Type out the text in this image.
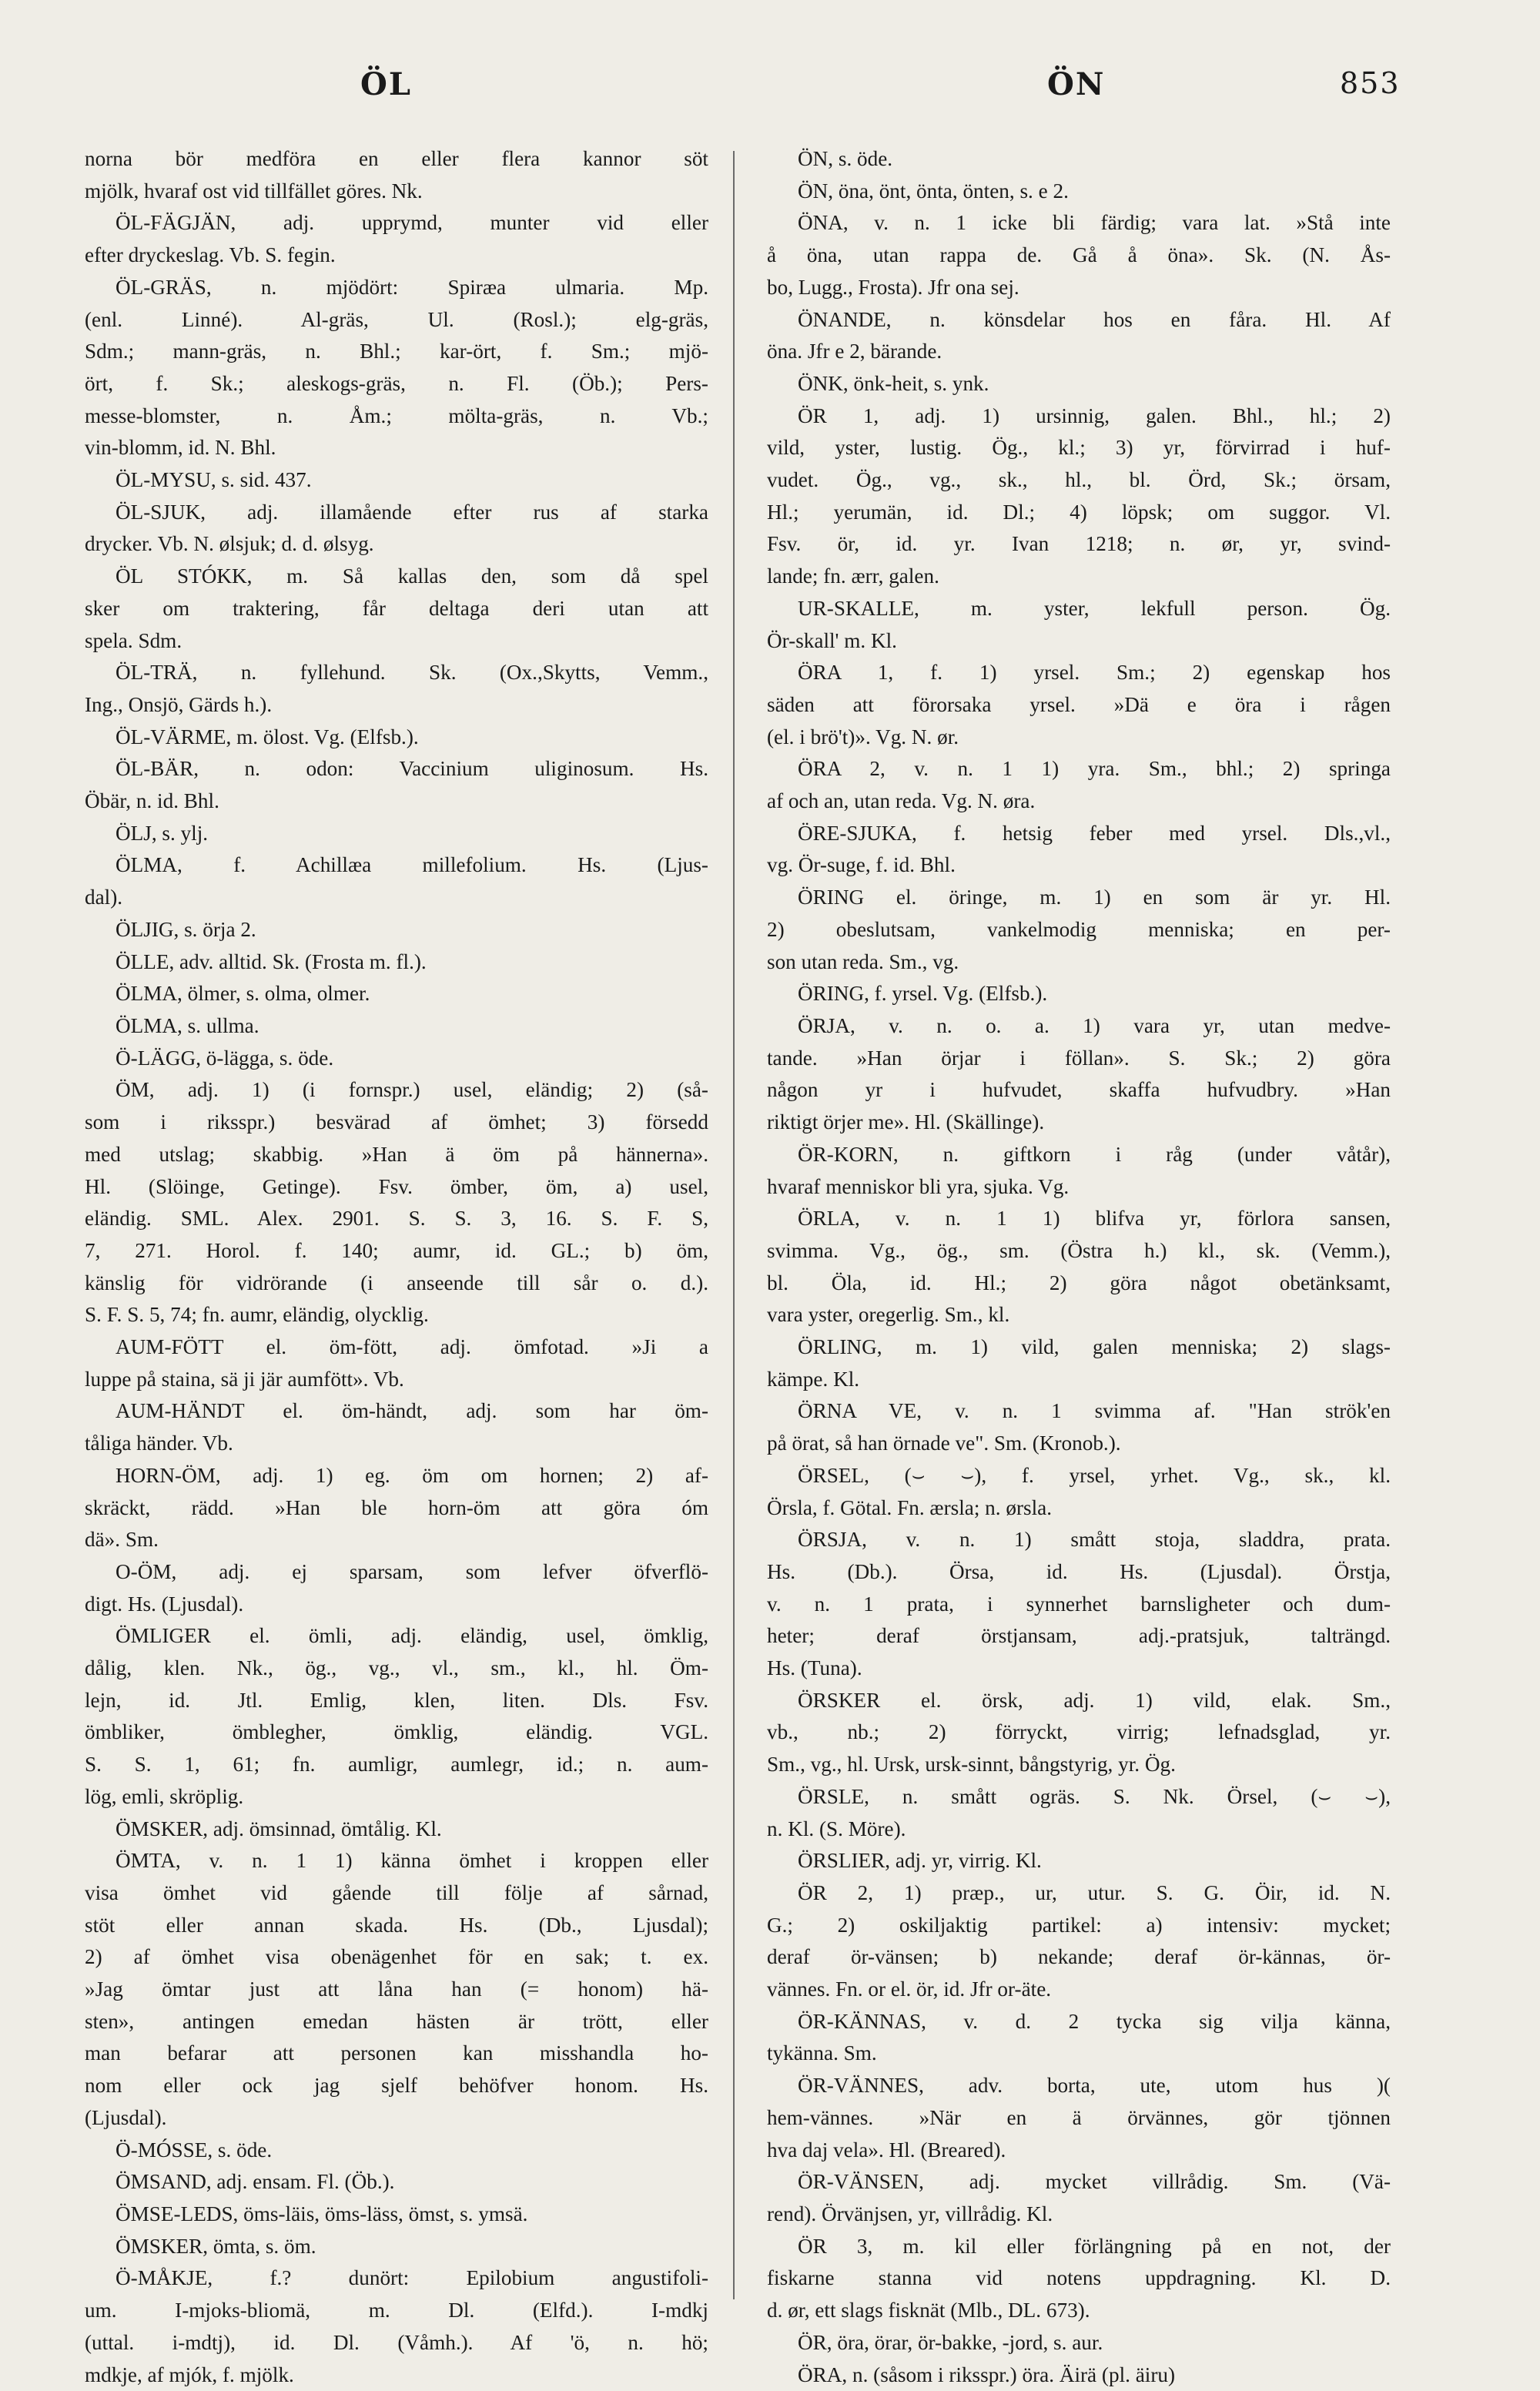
ÖL	ÖN	853
norna bör medföra en eller flera kannor söt
mjölk, hvaraf ost vid tillfället göres. Nk.
ÖL-FÄGJÄN, adj. upprymd, munter vid eller
efter dryckeslag. Vb. S. fegin.
ÖL-GRÄS, n. mjödört: Spiræa ulmaria. Mp.
(enl. Linné). Al-gräs, Ul. (Rosl.); elg-gräs,
Sdm.; mann-gräs, n. Bhl.; kar-ört, f. Sm.; mjö-
ört, f. Sk.; aleskogs-gräs, n. Fl. (Öb.); Pers-
messe-blomster, n. Åm.; mölta-gräs, n. Vb.;
vin-blomm, id. N. Bhl.
ÖL-MYSU, s. sid. 437.
ÖL-SJUK, adj. illamående efter rus af starka
drycker. Vb. N. ølsjuk; d. d. ølsyg.
ÖL STÓKK, m. Så kallas den, som då spel
sker om traktering, får deltaga deri utan att
spela. Sdm.
ÖL-TRÄ, n. fyllehund. Sk. (Ox.,Skytts, Vemm.,
Ing., Onsjö, Gärds h.).
ÖL-VÄRME, m. ölost. Vg. (Elfsb.).
ÖL-BÄR, n. odon: Vaccinium uliginosum. Hs.
Öbär, n. id. Bhl.
ÖLJ, s. ylj.
ÖLMA, f. Achillæa millefolium. Hs. (Ljus-
dal).
ÖLJIG, s. örja 2.
ÖLLE, adv. alltid. Sk. (Frosta m. fl.).
ÖLMA, ölmer, s. olma, olmer.
ÖLMA, s. ullma.
Ö-LÄGG, ö-lägga, s. öde.
ÖM, adj. 1) (i fornspr.) usel, eländig; 2) (så-
som i riksspr.) besvärad af ömhet; 3) försedd
med utslag; skabbig. »Han ä öm på hännerna».
Hl. (Slöinge, Getinge). Fsv. ömber, öm, a) usel,
eländig. SML. Alex. 2901. S. S. 3, 16. S. F. S,
7, 271. Horol. f. 140; aumr, id. GL.; b) öm,
känslig för vidrörande (i anseende till sår o. d.).
S. F. S. 5, 74; fn. aumr, eländig, olycklig.
AUM-FÖTT el. öm-fött, adj. ömfotad. »Ji a
luppe på staina, sä ji jär aumfött». Vb.
AUM-HÄNDT el. öm-händt, adj. som har öm-
tåliga händer. Vb.
HORN-ÖM, adj. 1) eg. öm om hornen; 2) af-
skräckt, rädd. »Han ble horn-öm att göra óm
dä». Sm.
O-ÖM, adj. ej sparsam, som lefver öfverflö-
digt. Hs. (Ljusdal).
ÖMLIGER el. ömli, adj. eländig, usel, ömklig,
dålig, klen. Nk., ög., vg., vl., sm., kl., hl. Öm-
lejn, id. Jtl. Emlig, klen, liten. Dls. Fsv.
ömbliker, ömblegher, ömklig, eländig. VGL.
S. S. 1, 61; fn. aumligr, aumlegr, id.; n. aum-
lög, emli, skröplig.
ÖMSKER, adj. ömsinnad, ömtålig. Kl.
ÖMTA, v. n. 1 1) känna ömhet i kroppen eller
visa ömhet vid gående till följe af sårnad,
stöt eller annan skada. Hs. (Db., Ljusdal);
2) af ömhet visa obenägenhet för en sak; t. ex.
»Jag ömtar just att låna han (= honom) hä-
sten», antingen emedan hästen är trött, eller
man befarar att personen kan misshandla ho-
nom eller ock jag sjelf behöfver honom. Hs.
(Ljusdal).
Ö-MÓSSE, s. öde.
ÖMSAND, adj. ensam. Fl. (Öb.).
ÖMSE-LEDS, öms-läis, öms-läss, ömst, s. ymsä.
ÖMSKER, ömta, s. öm.
Ö-MÅKJE, f.? dunört: Epilobium angustifoli-
um. I-mjoks-bliomä, m. Dl. (Elfd.). I-mdkj
(uttal. i-mdtj), id. Dl. (Våmh.). Af 'ö, n. hö;
mdkje, af mjók, f. mjölk.
ÖN, s. öde.
ÖN, öna, önt, önta, önten, s. e 2.
ÖNA, v. n. 1 icke bli färdig; vara lat. »Stå inte
å öna, utan rappa de. Gå å öna». Sk. (N. Ås-
bo, Lugg., Frosta). Jfr ona sej.
ÖNANDE, n. könsdelar hos en fåra. Hl. Af
öna. Jfr e 2, bärande.
ÖNK, önk-heit, s. ynk.
ÖR 1, adj. 1) ursinnig, galen. Bhl., hl.; 2)
vild, yster, lustig. Ög., kl.; 3) yr, förvirrad i huf-
vudet. Ög., vg., sk., hl., bl. Örd, Sk.; örsam,
Hl.; yerumän, id. Dl.; 4) löpsk; om suggor. Vl.
Fsv. ör, id. yr. Ivan 1218; n. ør, yr, svind-
lande; fn. ærr, galen.
UR-SKALLE, m. yster, lekfull person. Ög.
Ör-skall' m. Kl.
ÖRA 1, f. 1) yrsel. Sm.; 2) egenskap hos
säden att förorsaka yrsel. »Dä e öra i rågen
(el. i brö't)». Vg. N. ør.
ÖRA 2, v. n. 1 1) yra. Sm., bhl.; 2) springa
af och an, utan reda. Vg. N. øra.
ÖRE-SJUKA, f. hetsig feber med yrsel. Dls.,vl.,
vg. Ör-suge, f. id. Bhl.
ÖRING el. öringe, m. 1) en som är yr. Hl.
2) obeslutsam, vankelmodig menniska; en per-
son utan reda. Sm., vg.
ÖRING, f. yrsel. Vg. (Elfsb.).
ÖRJA, v. n. o. a. 1) vara yr, utan medve-
tande. »Han örjar i föllan». S. Sk.; 2) göra
någon yr i hufvudet, skaffa hufvudbry. »Han
riktigt örjer me». Hl. (Skällinge).
ÖR-KORN, n. giftkorn i råg (under våtår),
hvaraf menniskor bli yra, sjuka. Vg.
ÖRLA, v. n. 1 1) blifva yr, förlora sansen,
svimma. Vg., ög., sm. (Östra h.) kl., sk. (Vemm.),
bl. Öla, id. Hl.; 2) göra något obetänksamt,
vara yster, oregerlig. Sm., kl.
ÖRLING, m. 1) vild, galen menniska; 2) slags-
kämpe. Kl.
ÖRNA VE, v. n. 1 svimma af. "Han strök'en
på örat, så han örnade ve". Sm. (Kronob.).
ÖRSEL, (⌣ ⌣), f. yrsel, yrhet. Vg., sk., kl.
Örsla, f. Götal. Fn. ærsla; n. ørsla.
ÖRSJA, v. n. 1) smått stoja, sladdra, prata.
Hs. (Db.). Örsa, id. Hs. (Ljusdal). Örstja,
v. n. 1 prata, i synnerhet barnsligheter och dum-
heter; deraf örstjansam, adj.-pratsjuk, talträngd.
Hs. (Tuna).
ÖRSKER el. örsk, adj. 1) vild, elak. Sm.,
vb., nb.; 2) förryckt, virrig; lefnadsglad, yr.
Sm., vg., hl. Ursk, ursk-sinnt, bångstyrig, yr. Ög.
ÖRSLE, n. smått ogräs. S. Nk. Örsel, (⌣ ⌣),
n. Kl. (S. Möre).
ÖRSLIER, adj. yr, virrig. Kl.
ÖR 2, 1) præp., ur, utur. S. G. Öir, id. N.
G.; 2) oskiljaktig partikel: a) intensiv: mycket;
deraf ör-vänsen; b) nekande; deraf ör-kännas, ör-
vännes. Fn. or el. ör, id. Jfr or-äte.
ÖR-KÄNNAS, v. d. 2 tycka sig vilja känna,
tykänna. Sm.
ÖR-VÄNNES, adv. borta, ute, utom hus )(
hem-vännes. »När en ä örvännes, gör tjönnen
hva daj vela». Hl. (Breared).
ÖR-VÄNSEN, adj. mycket villrådig. Sm. (Vä-
rend). Örvänjsen, yr, villrådig. Kl.
ÖR 3, m. kil eller förlängning på en not, der
fiskarne stanna vid notens uppdragning. Kl. D.
d. ør, ett slags fisknät (Mlb., DL. 673).
ÖR, öra, örar, ör-bakke, -jord, s. aur.
ÖRA, n. (såsom i riksspr.) öra. Äirä (pl. äiru)
